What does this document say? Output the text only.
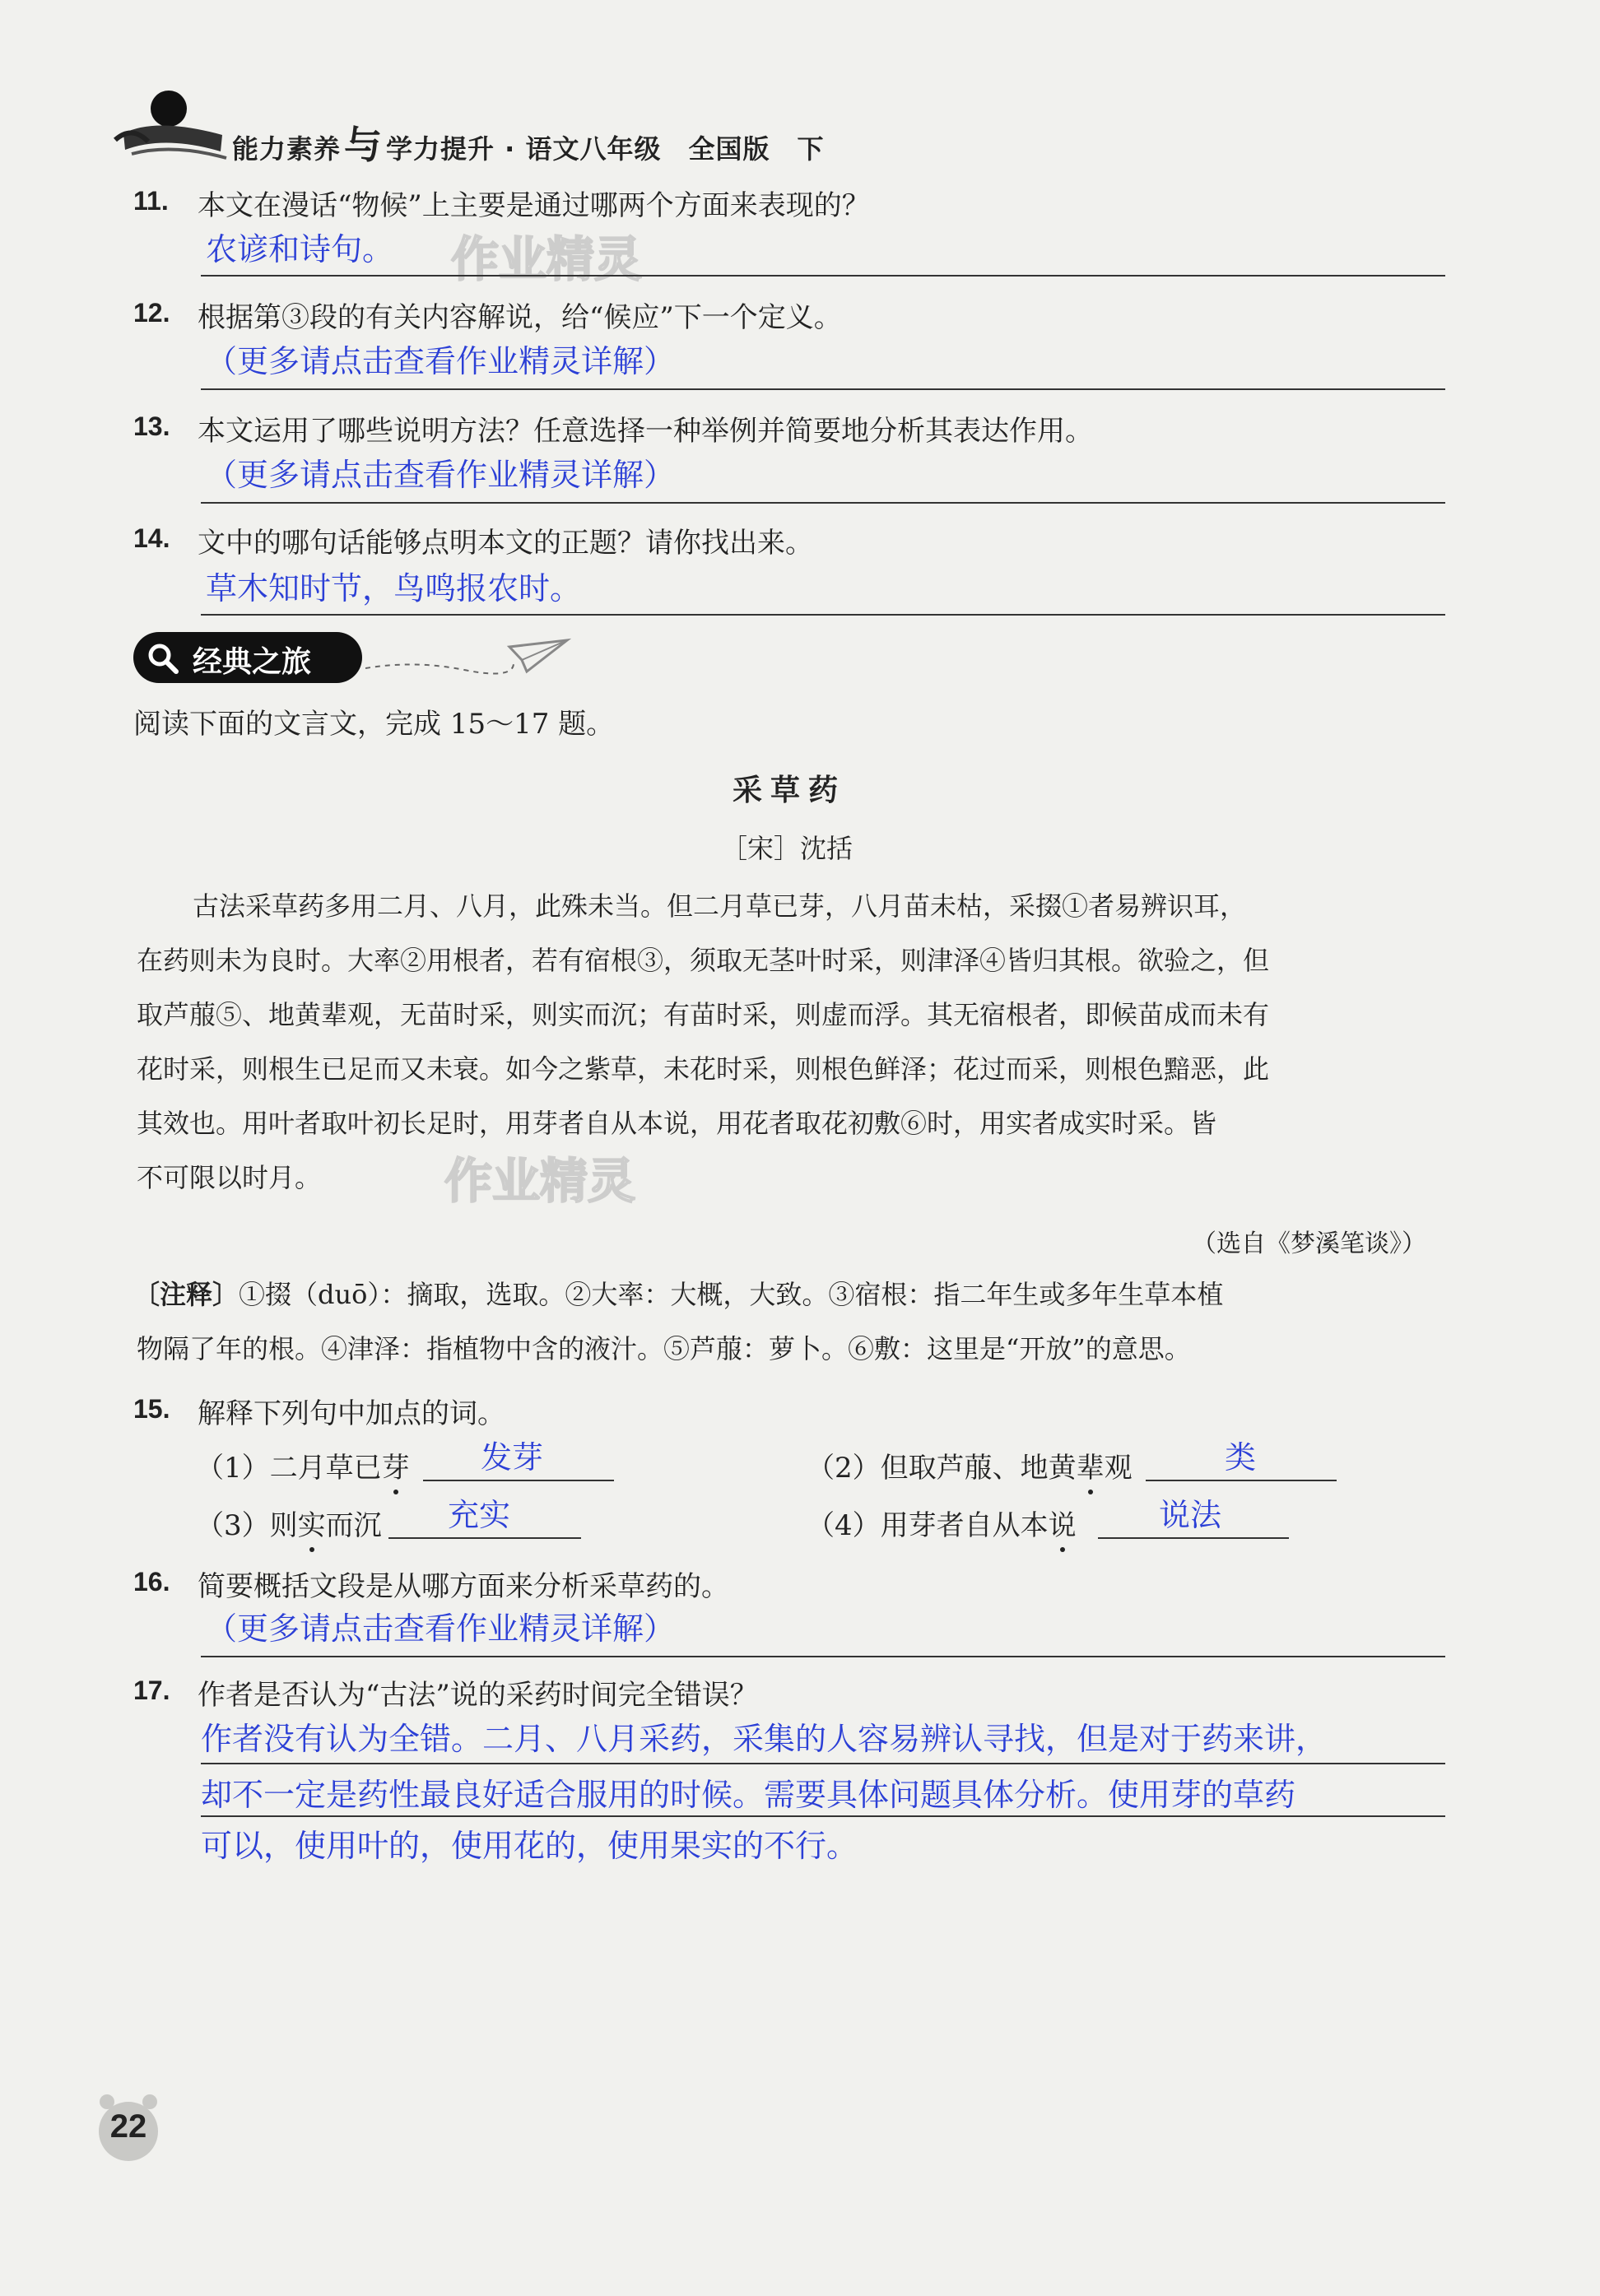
能力素养与 学力提升 · 语文八年级　全国版　下
11. 本文在漫话“物候”上主要是通过哪两个方面来表现的？
农谚和诗句。 作业精灵
12. 根据第③段的有关内容解说，给“候应”下一个定义。
（更多请点击查看作业精灵详解）
13. 本文运用了哪些说明方法？任意选择一种举例并简要地分析其表达作用。
（更多请点击查看作业精灵详解）
14. 文中的哪句话能够点明本文的正题？请你找出来。
草木知时节，鸟鸣报农时。
经典之旅
阅读下面的文言文，完成 15～17 题。
采草药
［宋］沈括
古法采草药多用二月、八月，此殊未当。但二月草已芽，八月苗未枯，采掇①者易辨识耳，
在药则未为良时。大率②用根者，若有宿根③，须取无茎叶时采，则津泽④皆归其根。欲验之，但
取芦菔⑤、地黄辈观，无苗时采，则实而沉；有苗时采，则虚而浮。其无宿根者，即候苗成而未有
花时采，则根生已足而又未衰。如今之紫草，未花时采，则根色鲜泽；花过而采，则根色黯恶，此
其效也。用叶者取叶初长足时，用芽者自从本说，用花者取花初敷⑥时，用实者成实时采。皆
不可限以时月。	作业精灵
（选自《梦溪笔谈》）
〔注释〕①掇（duō）：摘取，选取。②大率：大概，大致。③宿根：指二年生或多年生草本植
物隔了年的根。④津泽：指植物中含的液汁。⑤芦菔：萝卜。⑥敷：这里是“开放”的意思。
15. 解释下列句中加点的词。
（1）二月草已芽 发芽	（2）但取芦菔、地黄辈观	类
（3）则实而沉 充实	（4）用芽者自从本说	说法
16. 简要概括文段是从哪方面来分析采草药的。
（更多请点击查看作业精灵详解）
17. 作者是否认为“古法”说的采药时间完全错误？
作者没有认为全错。二月、八月采药，采集的人容易辨认寻找，但是对于药来讲，
却不一定是药性最良好适合服用的时候。需要具体问题具体分析。使用芽的草药
可以，使用叶的，使用花的，使用果实的不行。
22
